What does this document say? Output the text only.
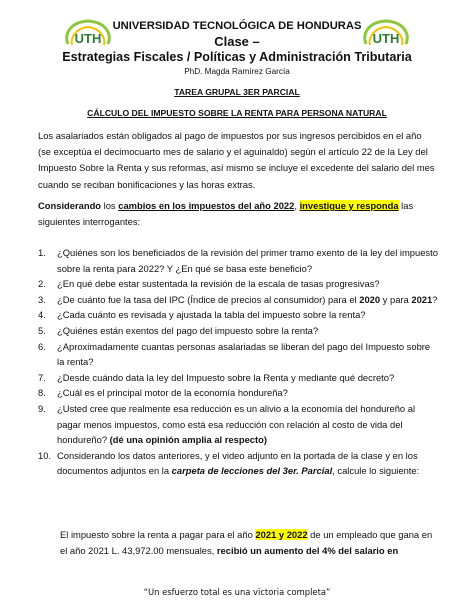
UTH	UTH
UNIVERSIDAD TECNOLÓGICA DE HONDURAS
Clase –
Estrategias Fiscales / Políticas y Administración Tributaria
PhD. Magda Ramírez García
TAREA GRUPAL 3ER PARCIAL
CÁLCULO DEL IMPUESTO SOBRE LA RENTA PARA PERSONA NATURAL
Los asalariados están obligados al pago de impuestos por sus ingresos percibidos en el año (se exceptúa el decimocuarto mes de salario y el aguinaldo) según el artículo 22 de la Ley del Impuesto Sobre la Renta y sus reformas, así mismo se incluye el excedente del salario del mes cuando se reciban bonificaciones y las horas extras.
Considerando los cambios en los impuestos del año 2022, investigue y responda las siguientes interrogantes:
1. ¿Quiénes son los beneficiados de la revisión del primer tramo exento de la ley del impuesto sobre la renta para 2022? Y ¿En qué se basa este beneficio?
2. ¿En qué debe estar sustentada la revisión de la escala de tasas progresivas?
3. ¿De cuánto fue la tasa del IPC (Índice de precios al consumidor) para el 2020 y para 2021?
4. ¿Cada cuánto es revisada y ajustada la tabla del impuesto sobre la renta?
5. ¿Quiénes están exentos del pago del impuesto sobre la renta?
6. ¿Aproximadamente cuantas personas asalariadas se liberan del pago del Impuesto sobre la renta?
7. ¿Desde cuándo data la ley del Impuesto sobre la Renta y mediante qué decreto?
8. ¿Cuál es el principal motor de la economía hondureña?
9. ¿Usted cree que realmente esa reducción es un alivio a la economía del hondureño al pagar menos impuestos, como está esa reducción con relación al costo de vida del hondureño? (dé una opinión amplia al respecto)
10. Considerando los datos anteriores, y el video adjunto en la portada de la clase y en los documentos adjuntos en la carpeta de lecciones del 3er. Parcial, calcule lo siguiente:
El impuesto sobre la renta a pagar para el año 2021 y 2022 de un empleado que gana en el año 2021 L. 43,972.00 mensuales, recibió un aumento del 4% del salario en
“Un esfuerzo total es una victoria completa”
